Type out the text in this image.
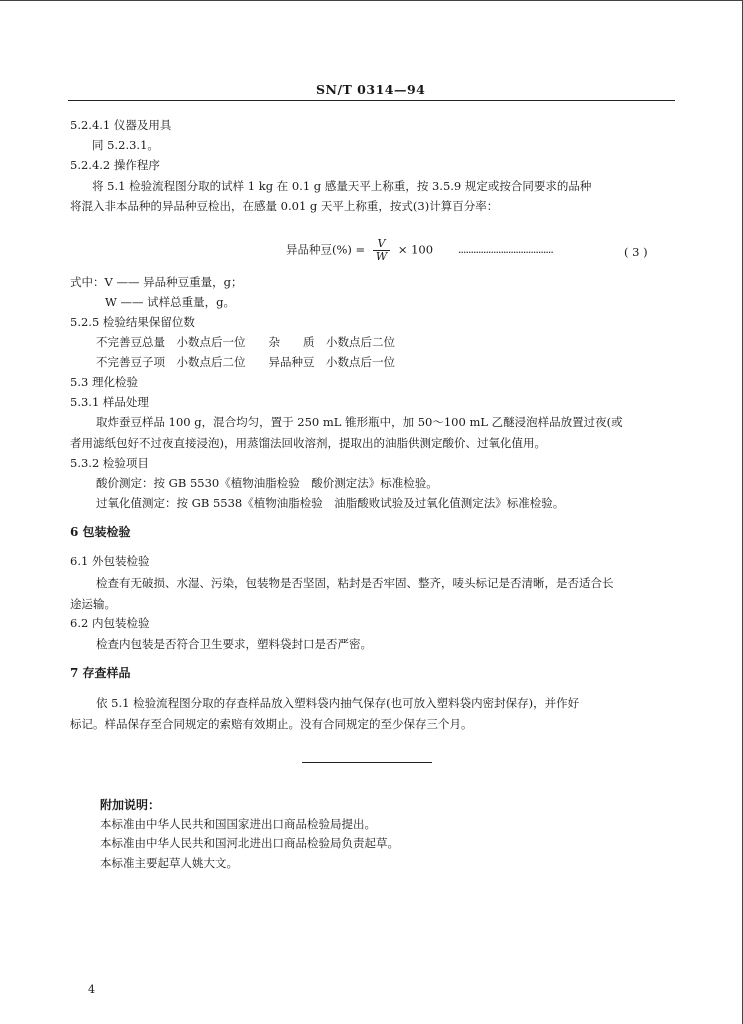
SN/T 0314—94
5.2.4.1 仪器及用具
同 5.2.3.1。
5.2.4.2 操作程序
将 5.1 检验流程图分取的试样 1 kg 在 0.1 g 感量天平上称重，按 3.5.9 规定或按合同要求的品种
将混入非本品种的异品种豆检出，在感量 0.01 g 天平上称重，按式(3)计算百分率：
异品种豆(%) = $\frac{V}{W} \times 100$ ······································	( 3 )
式中：V —— 异品种豆重量，g；
W —— 试样总重量，g。
5.2.5 检验结果保留位数
不完善豆总量　小数点后一位　　杂　　质　小数点后二位
不完善豆子项　小数点后二位　　异品种豆　小数点后一位
5.3 理化检验
5.3.1 样品处理
取炸蚕豆样品 100 g，混合均匀，置于 250 mL 锥形瓶中，加 50～100 mL 乙醚浸泡样品放置过夜(或
者用滤纸包好不过夜直接浸泡)，用蒸馏法回收溶剂，提取出的油脂供测定酸价、过氧化值用。
5.3.2 检验项目
酸价测定：按 GB 5530《植物油脂检验　酸价测定法》标准检验。
过氧化值测定：按 GB 5538《植物油脂检验　油脂酸败试验及过氧化值测定法》标准检验。
6 包装检验
6.1 外包装检验
检查有无破损、水湿、污染，包装物是否坚固，粘封是否牢固、整齐，唛头标记是否清晰，是否适合长
途运输。
6.2 内包装检验
检查内包装是否符合卫生要求，塑料袋封口是否严密。
7 存查样品
依 5.1 检验流程图分取的存查样品放入塑料袋内抽气保存(也可放入塑料袋内密封保存)，并作好
标记。样品保存至合同规定的索赔有效期止。没有合同规定的至少保存三个月。
附加说明：
本标准由中华人民共和国国家进出口商品检验局提出。
本标准由中华人民共和国河北进出口商品检验局负责起草。
本标准主要起草人姚大文。
4
